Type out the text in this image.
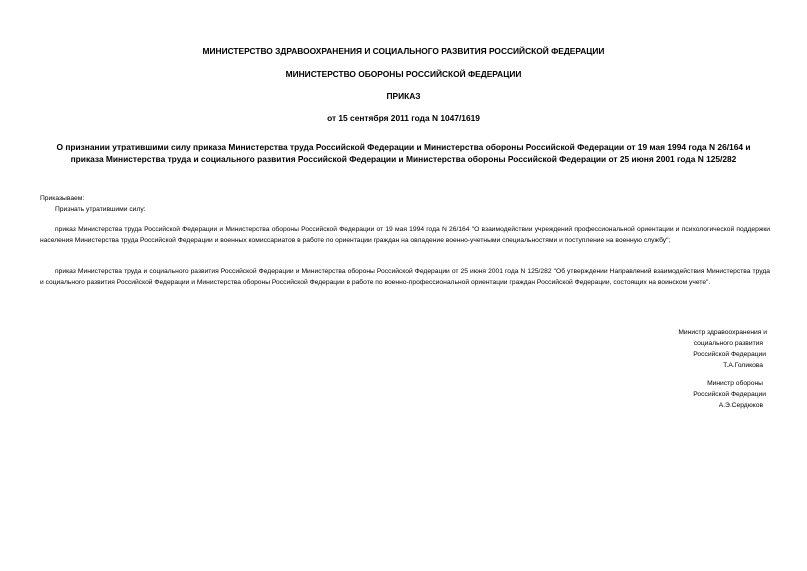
МИНИСТЕРСТВО ЗДРАВООХРАНЕНИЯ И СОЦИАЛЬНОГО РАЗВИТИЯ РОССИЙСКОЙ ФЕДЕРАЦИИ
МИНИСТЕРСТВО ОБОРОНЫ РОССИЙСКОЙ ФЕДЕРАЦИИ
ПРИКАЗ
от 15 сентября 2011 года N 1047/1619
О признании утратившими силу приказа Министерства труда Российской Федерации и Министерства обороны Российской Федерации от 19 мая 1994 года N 26/164 и приказа Министерства труда и социального развития Российской Федерации и Министерства обороны Российской Федерации от 25 июня 2001 года N 125/282
Приказываем:
Признать утратившими силу:
приказ Министерства труда Российской Федерации и Министерства обороны Российской Федерации от 19 мая 1994 года N 26/164 "О взаимодействии учреждений профессиональной ориентации и психологической поддержки населения Министерства труда Российской Федерации и военных комиссариатов в работе по ориентации граждан на овладение военно-учетными специальностями и поступление на военную службу";
приказ Министерства труда и социального развития Российской Федерации и Министерства обороны Российской Федерации от 25 июня 2001 года N 125/282 "Об утверждении Направлений взаимодействия Министерства труда и социального развития Российской Федерации и Министерства обороны Российской Федерации в работе по военно-профессиональной ориентации граждан Российской Федерации, состоящих на воинском учете".
Министр здравоохранения и
социального развития
Российской Федерации
Т.А.Голикова
Министр обороны
Российской Федерации
А.Э.Сердюков
